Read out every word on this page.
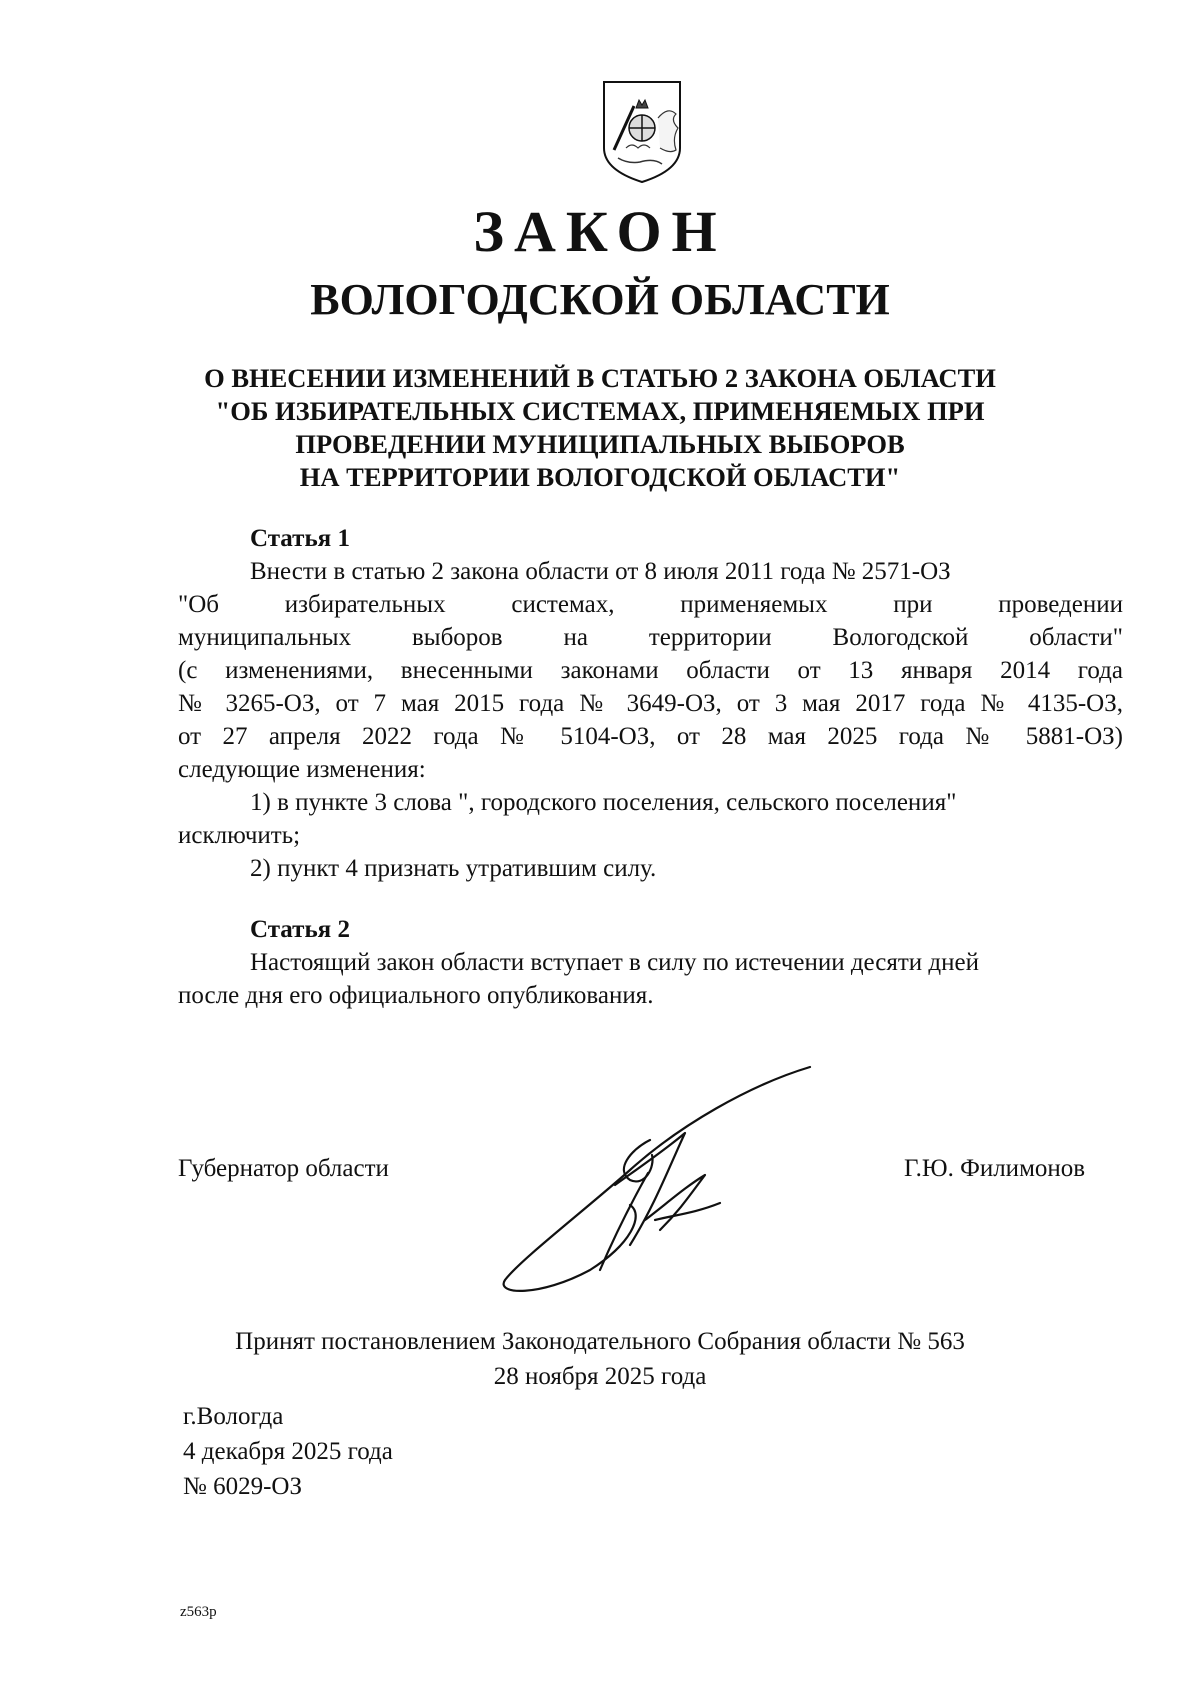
ЗАКОН
ВОЛОГОДСКОЙ ОБЛАСТИ
О ВНЕСЕНИИ ИЗМЕНЕНИЙ В СТАТЬЮ 2 ЗАКОНА ОБЛАСТИ
"ОБ ИЗБИРАТЕЛЬНЫХ СИСТЕМАХ, ПРИМЕНЯЕМЫХ ПРИ
ПРОВЕДЕНИИ МУНИЦИПАЛЬНЫХ ВЫБОРОВ
НА ТЕРРИТОРИИ ВОЛОГОДСКОЙ ОБЛАСТИ"
Статья 1
Внести в статью 2 закона области от 8 июля 2011 года № 2571-ОЗ
"Об избирательных системах, применяемых при проведении
муниципальных выборов на территории Вологодской области"
(с изменениями, внесенными законами области от 13 января 2014 года
№ 3265-ОЗ, от 7 мая 2015 года № 3649-ОЗ, от 3 мая 2017 года № 4135-ОЗ,
от 27 апреля 2022 года № 5104-ОЗ, от 28 мая 2025 года № 5881-ОЗ)
следующие изменения:
1) в пункте 3 слова ", городского поселения, сельского поселения"
исключить;
2) пункт 4 признать утратившим силу.
Статья 2
Настоящий закон области вступает в силу по истечении десяти дней
после дня его официального опубликования.
Губернатор области	Г.Ю. Филимонов
Принят постановлением Законодательного Собрания области № 563
28 ноября 2025 года
г.Вологда
4 декабря 2025 года
№ 6029-ОЗ
z563p
